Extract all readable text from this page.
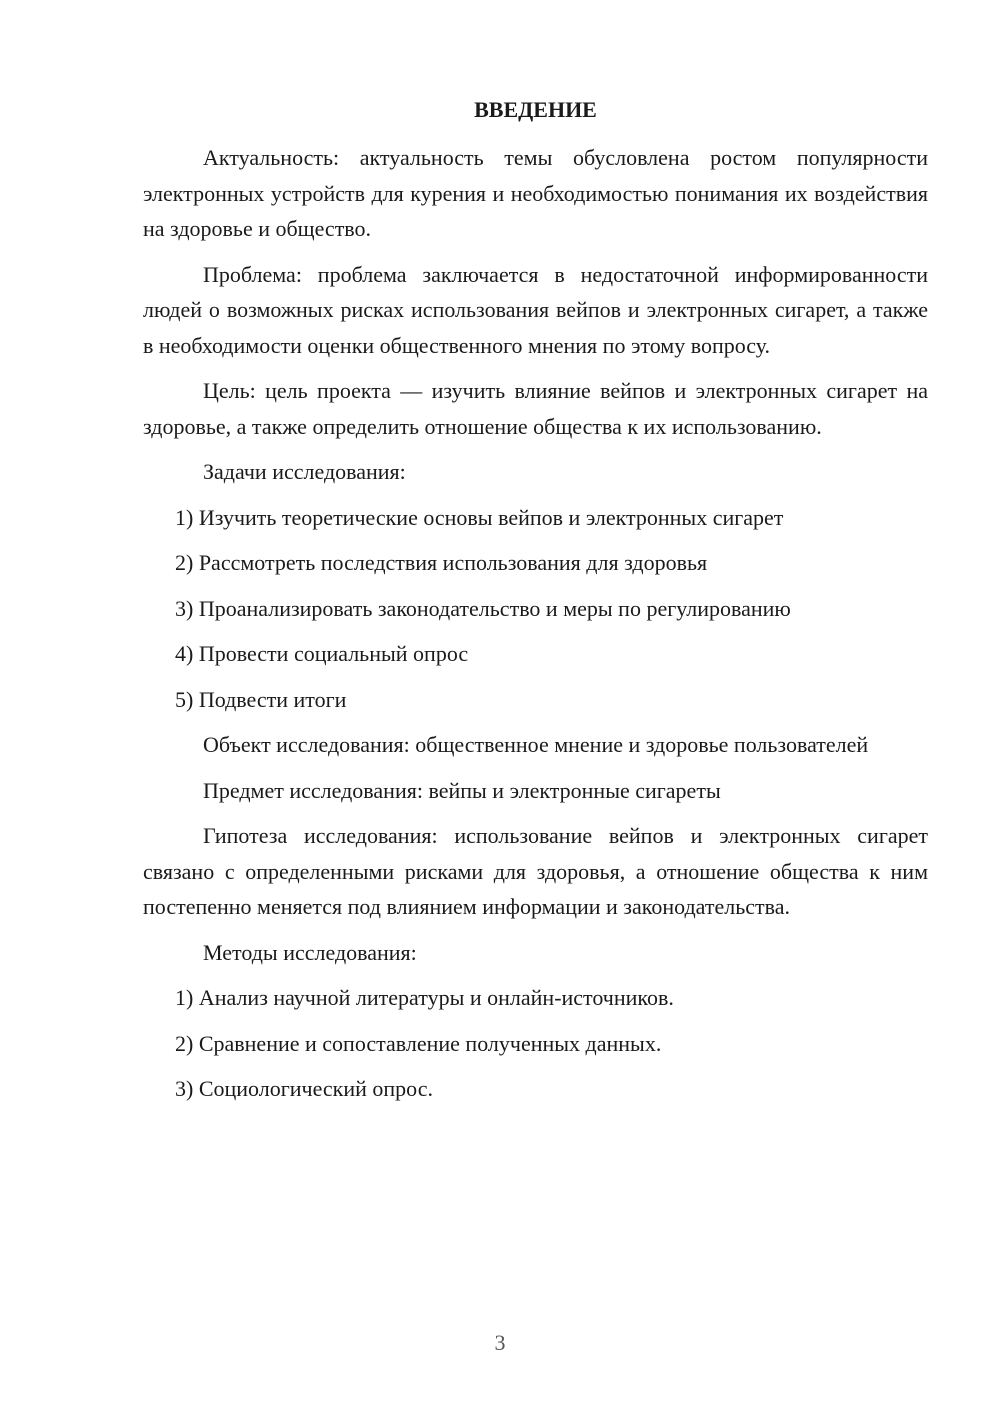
ВВЕДЕНИЕ
Актуальность: актуальность темы обусловлена ростом популярности электронных устройств для курения и необходимостью понимания их воздействия на здоровье и общество.
Проблема: проблема заключается в недостаточной информированности людей о возможных рисках использования вейпов и электронных сигарет, а также в необходимости оценки общественного мнения по этому вопросу.
Цель: цель проекта — изучить влияние вейпов и электронных сигарет на здоровье, а также определить отношение общества к их использованию.
Задачи исследования:
1) Изучить теоретические основы вейпов и электронных сигарет
2) Рассмотреть последствия использования для здоровья
3) Проанализировать законодательство и меры по регулированию
4) Провести социальный опрос
5) Подвести итоги
Объект исследования: общественное мнение и здоровье пользователей
Предмет исследования: вейпы и электронные сигареты
Гипотеза исследования: использование вейпов и электронных сигарет связано с определенными рисками для здоровья, а отношение общества к ним постепенно меняется под влиянием информации и законодательства.
Методы исследования:
1) Анализ научной литературы и онлайн-источников.
2) Сравнение и сопоставление полученных данных.
3) Социологический опрос.
3
